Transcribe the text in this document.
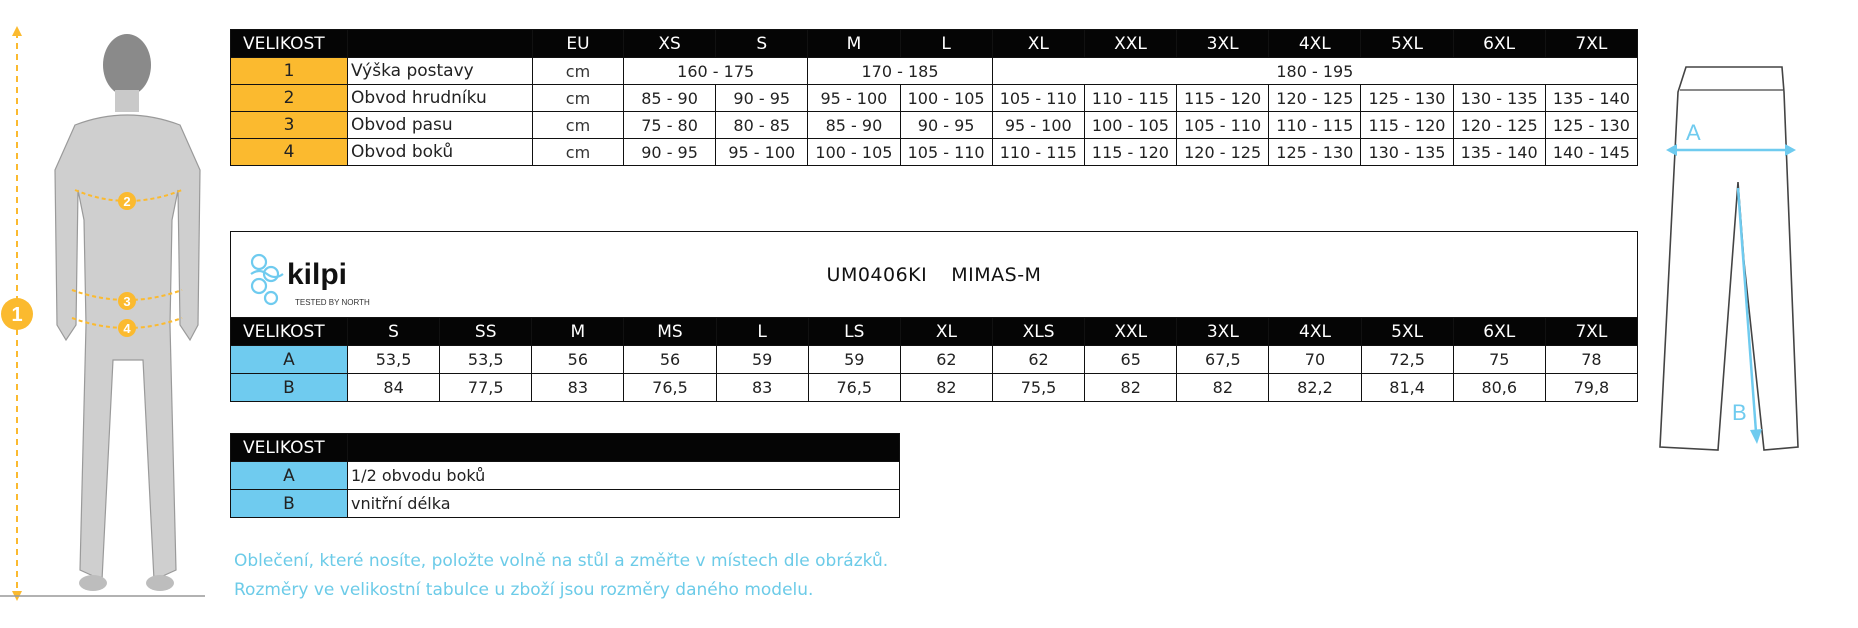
1
2
3
4
VELIKOST		EU	XS	S	M	L	XL	XXL	3XL	4XL	5XL	6XL	7XL
1	Výška postavy	cm	160 - 175		170 - 185		180 - 195						
2	Obvod hrudníku	cm	85 - 90	90 - 95	95 - 100	100 - 105	105 - 110	110 - 115	115 - 120	120 - 125	125 - 130	130 - 135	135 - 140
3	Obvod pasu	cm	75 - 80	80 - 85	85 - 90	90 - 95	95 - 100	100 - 105	105 - 110	110 - 115	115 - 120	120 - 125	125 - 130
4	Obvod boků	cm	90 - 95	95 - 100	100 - 105	105 - 110	110 - 115	115 - 120	120 - 125	125 - 130	130 - 135	135 - 140	140 - 145
kilpi
TESTED BY NORTH
UM0406KI MIMAS-M														

VELIKOST	S	SS	M	MS	L	LS	XL	XLS	XXL	3XL	4XL	5XL	6XL	7XL
A	53,5	53,5	56	56	59	59	62	62	65	67,5	70	72,5	75	78
B	84	77,5	83	76,5	83	76,5	82	75,5	82	82	82,2	81,4	80,6	79,8
VELIKOST	
A	1/2 obvodu boků
B	vnitřní délka
Oblečení, které nosíte, položte volně na stůl a změřte v místech dle obrázků.
Rozměry ve velikostní tabulce u zboží jsou rozměry daného modelu.
A
B
